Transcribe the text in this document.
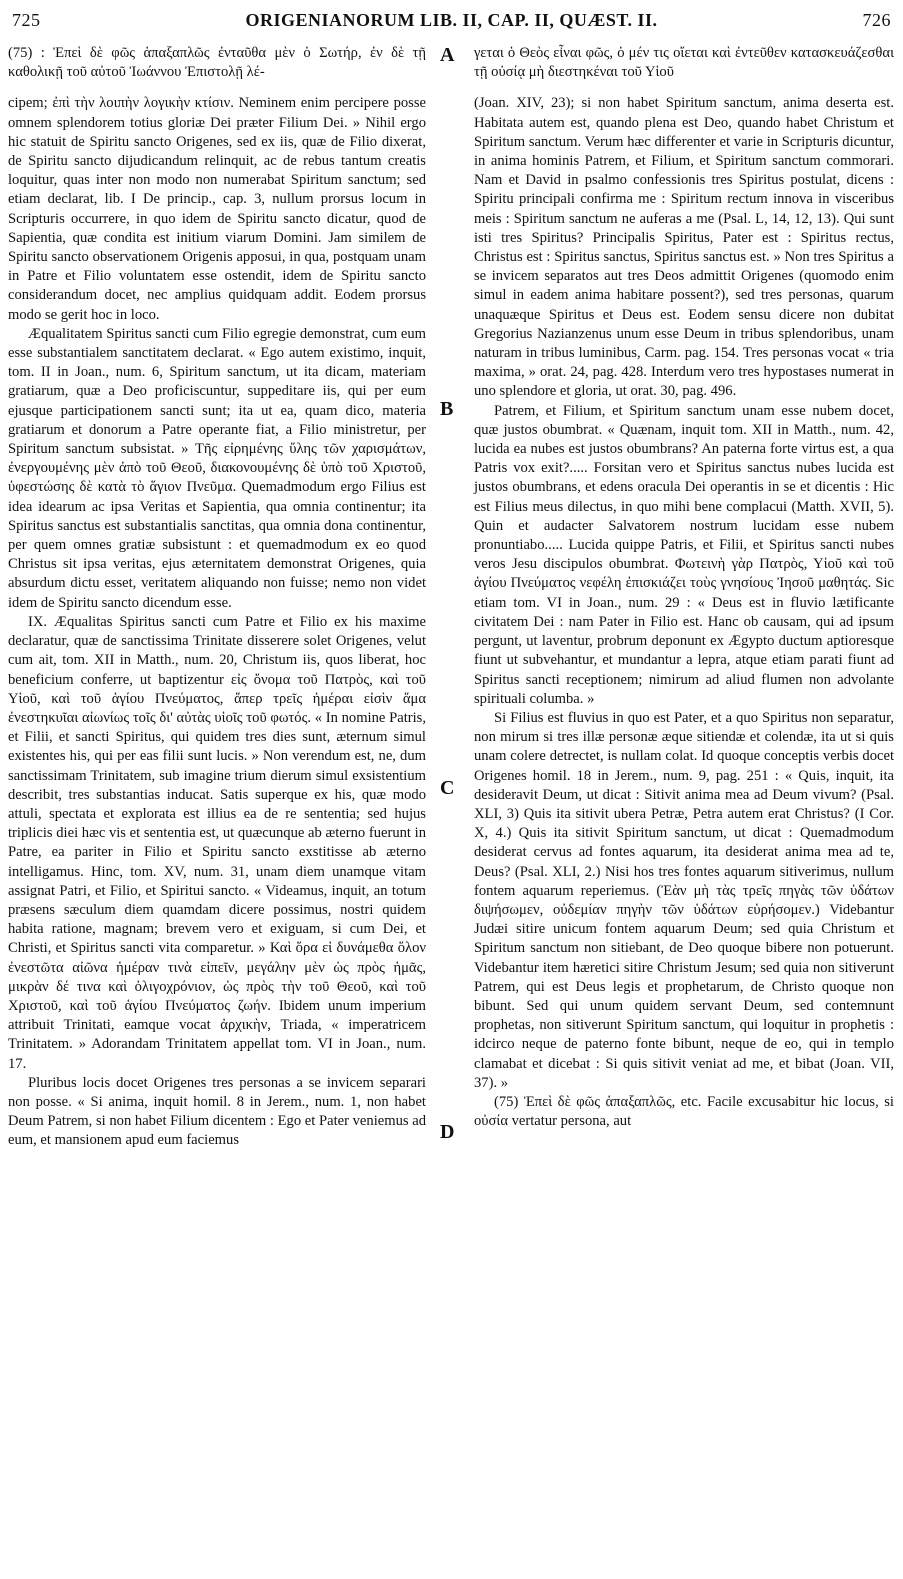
725	ORIGENIANORUM LIB. II, CAP. II, QUÆST. II.	726
A
B
C
D

(75) : Ἐπεὶ δὲ φῶς ἁπαξαπλῶς ἐνταῦθα μὲν ὁ Σωτήρ, ἐν δὲ τῇ καθολικῇ τοῦ αὐτοῦ Ἰωάννου Ἐπιστολῇ λέ-

cipem; ἐπὶ τὴν λοιπὴν λογικὴν κτίσιν. Neminem enim percipere posse omnem splendorem totius gloriæ Dei præter Filium Dei. » Nihil ergo hic statuit de Spiritu sancto Origenes, sed ex iis, quæ de Filio dixerat, de Spiritu sancto dijudicandum relinquit, ac de rebus tantum creatis loquitur, quas inter non modo non numerabat Spiritum sanctum; sed etiam declarat, lib. I De princip., cap. 3, nullum prorsus locum in Scripturis occurrere, in quo idem de Spiritu sancto dicatur, quod de Sapientia, quæ condita est initium viarum Domini. Jam similem de Spiritu sancto observationem Origenis apposui, in qua, postquam unam in Patre et Filio voluntatem esse ostendit, idem de Spiritu sancto considerandum docet, nec amplius quidquam addit. Eodem prorsus modo se gerit hoc in loco.

Æqualitatem Spiritus sancti cum Filio egregie demonstrat, cum eum esse substantialem sanctitatem declarat. « Ego autem existimo, inquit, tom. II in Joan., num. 6, Spiritum sanctum, ut ita dicam, materiam gratiarum, quæ a Deo proficiscuntur, suppeditare iis, qui per eum ejusque participationem sancti sunt; ita ut ea, quam dico, materia gratiarum et donorum a Patre operante fiat, a Filio ministretur, per Spiritum sanctum subsistat. » Τῆς εἰρημένης ὕλης τῶν χαρισμάτων, ἐνεργουμένης μὲν ἀπὸ τοῦ Θεοῦ, διακονουμένης δὲ ὑπὸ τοῦ Χριστοῦ, ὑφεστώσης δὲ κατὰ τὸ ἅγιον Πνεῦμα. Quemadmodum ergo Filius est idea idearum ac ipsa Veritas et Sapientia, qua omnia continentur; ita Spiritus sanctus est substantialis sanctitas, qua omnia dona continentur, per quem omnes gratiæ subsistunt : et quemadmodum ex eo quod Christus sit ipsa veritas, ejus æternitatem demonstrat Origenes, quia absurdum dictu esset, veritatem aliquando non fuisse; nemo non videt idem de Spiritu sancto dicendum esse.

IX. Æqualitas Spiritus sancti cum Patre et Filio ex his maxime declaratur, quæ de sanctissima Trinitate disserere solet Origenes, velut cum ait, tom. XII in Matth., num. 20, Christum iis, quos liberat, hoc beneficium conferre, ut baptizentur εἰς ὄνομα τοῦ Πατρὸς, καὶ τοῦ Υἱοῦ, καὶ τοῦ ἁγίου Πνεύματος, ἅπερ τρεῖς ἡμέραι εἰσὶν ἅμα ἐνεστηκυῖαι αἰωνίως τοῖς δι' αὐτὰς υἱοῖς τοῦ φωτός. « In nomine Patris, et Filii, et sancti Spiritus, qui quidem tres dies sunt, æternum simul existentes his, qui per eas filii sunt lucis. » Non verendum est, ne, dum sanctissimam Trinitatem, sub imagine trium dierum simul exsistentium describit, tres substantias inducat. Satis superque ex his, quæ modo attuli, spectata et explorata est illius ea de re sententia; sed hujus triplicis diei hæc vis et sententia est, ut quæcunque ab æterno fuerunt in Patre, ea pariter in Filio et Spiritu sancto exstitisse ab æterno intelligamus. Hinc, tom. XV, num. 31, unam diem unamque vitam assignat Patri, et Filio, et Spiritui sancto. « Videamus, inquit, an totum præsens sæculum diem quamdam dicere possimus, nostri quidem habita ratione, magnam; brevem vero et exiguam, si cum Dei, et Christi, et Spiritus sancti vita comparetur. » Καὶ ὅρα εἰ δυνάμεθα ὅλον ἐνεστῶτα αἰῶνα ἡμέραν τινὰ εἰπεῖν, μεγάλην μὲν ὡς πρὸς ἡμᾶς, μικρὰν δέ τινα καὶ ὀλιγοχρόνιον, ὡς πρὸς τὴν τοῦ Θεοῦ, καὶ τοῦ Χριστοῦ, καὶ τοῦ ἁγίου Πνεύματος ζωήν. Ibidem unum imperium attribuit Trinitati, eamque vocat ἀρχικὴν, Triada, « imperatricem Trinitatem. » Adorandam Trinitatem appellat tom. VI in Joan., num. 17.

Pluribus locis docet Origenes tres personas a se invicem separari non posse. « Si anima, inquit homil. 8 in Jerem., num. 1, non habet Deum Patrem, si non habet Filium dicentem : Ego et Pater veniemus ad eum, et mansionem apud eum faciemus

γεται ὁ Θεὸς εἶναι φῶς, ὁ μέν τις οἴεται καὶ ἐντεῦθεν κατασκευάζεσθαι τῇ οὐσίᾳ μὴ διεστηκέναι τοῦ Υἱοῦ

(Joan. XIV, 23); si non habet Spiritum sanctum, anima deserta est. Habitata autem est, quando plena est Deo, quando habet Christum et Spiritum sanctum. Verum hæc differenter et varie in Scripturis dicuntur, in anima hominis Patrem, et Filium, et Spiritum sanctum commorari. Nam et David in psalmo confessionis tres Spiritus postulat, dicens : Spiritu principali confirma me : Spiritum rectum innova in visceribus meis : Spiritum sanctum ne auferas a me (Psal. L, 14, 12, 13). Qui sunt isti tres Spiritus? Principalis Spiritus, Pater est : Spiritus rectus, Christus est : Spiritus sanctus, Spiritus sanctus est. » Non tres Spiritus a se invicem separatos aut tres Deos admittit Origenes (quomodo enim simul in eadem anima habitare possent?), sed tres personas, quarum unaquæque Spiritus et Deus est. Eodem sensu dicere non dubitat Gregorius Nazianzenus unum esse Deum in tribus splendoribus, unam naturam in tribus luminibus, Carm. pag. 154. Tres personas vocat « tria maxima, » orat. 24, pag. 428. Interdum vero tres hypostases numerat in uno splendore et gloria, ut orat. 30, pag. 496.

Patrem, et Filium, et Spiritum sanctum unam esse nubem docet, quæ justos obumbrat. « Quænam, inquit tom. XII in Matth., num. 42, lucida ea nubes est justos obumbrans? An paterna forte virtus est, a qua Patris vox exit?..... Forsitan vero et Spiritus sanctus nubes lucida est justos obumbrans, et edens oracula Dei operantis in se et dicentis : Hic est Filius meus dilectus, in quo mihi bene complacui (Matth. XVII, 5). Quin et audacter Salvatorem nostrum lucidam esse nubem pronuntiabo..... Lucida quippe Patris, et Filii, et Spiritus sancti nubes veros Jesu discipulos obumbrat. Φωτεινὴ γὰρ Πατρὸς, Υἱοῦ καὶ τοῦ ἁγίου Πνεύματος νεφέλη ἐπισκιάζει τοὺς γνησίους Ἰησοῦ μαθητάς. Sic etiam tom. VI in Joan., num. 29 : « Deus est in fluvio lætificante civitatem Dei : nam Pater in Filio est. Hanc ob causam, qui ad ipsum pergunt, ut laventur, probrum deponunt ex Ægypto ductum aptioresque fiunt ut subvehantur, et mundantur a lepra, atque etiam parati fiunt ad Spiritus sancti receptionem; nimirum ad aliud flumen non advolante spirituali columba. »

Si Filius est fluvius in quo est Pater, et a quo Spiritus non separatur, non mirum si tres illæ personæ æque sitiendæ et colendæ, ita ut si quis unam colere detrectet, is nullam colat. Id quoque conceptis verbis docet Origenes homil. 18 in Jerem., num. 9, pag. 251 : « Quis, inquit, ita desideravit Deum, ut dicat : Sitivit anima mea ad Deum vivum? (Psal. XLI, 3) Quis ita sitivit ubera Petræ, Petra autem erat Christus? (I Cor. X, 4.) Quis ita sitivit Spiritum sanctum, ut dicat : Quemadmodum desiderat cervus ad fontes aquarum, ita desiderat anima mea ad te, Deus? (Psal. XLI, 2.) Nisi hos tres fontes aquarum sitiverimus, nullum fontem aquarum reperiemus. (Ἐὰν μὴ τὰς τρεῖς πηγὰς τῶν ὑδάτων διψήσωμεν, οὐδεμίαν πηγὴν τῶν ὑδάτων εὑρήσομεν.) Videbantur Judæi sitire unicum fontem aquarum Deum; sed quia Christum et Spiritum sanctum non sitiebant, de Deo quoque bibere non potuerunt. Videbantur item hæretici sitire Christum Jesum; sed quia non sitiverunt Patrem, qui est Deus legis et prophetarum, de Christo quoque non bibunt. Sed qui unum quidem servant Deum, sed contemnunt prophetas, non sitiverunt Spiritum sanctum, qui loquitur in prophetis : idcirco neque de paterno fonte bibunt, neque de eo, qui in templo clamabat et dicebat : Si quis sitivit veniat ad me, et bibat (Joan. VII, 37). »

(75) Ἐπεὶ δὲ φῶς ἁπαξαπλῶς, etc. Facile excusabitur hic locus, si οὐσία vertatur persona, aut
